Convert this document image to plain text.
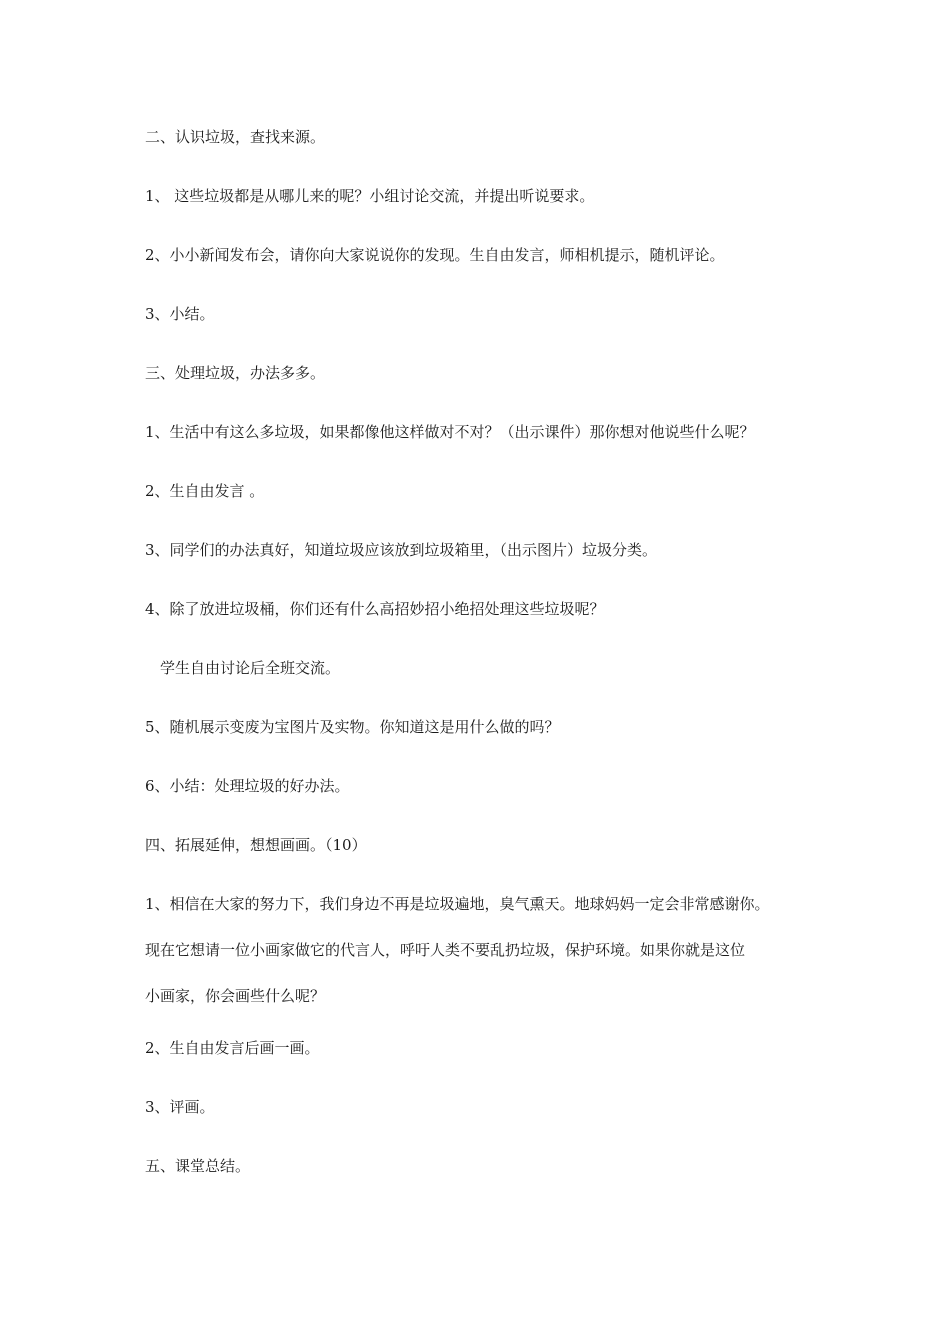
二、认识垃圾，查找来源。

1、 这些垃圾都是从哪儿来的呢？小组讨论交流，并提出听说要求。

2、小小新闻发布会，请你向大家说说你的发现。生自由发言，师相机提示，随机评论。

3、小结。

三、处理垃圾，办法多多。

1、生活中有这么多垃圾，如果都像他这样做对不对？（出示课件）那你想对他说些什么呢？

2、生自由发言 。

3、同学们的办法真好，知道垃圾应该放到垃圾箱里，（出示图片）垃圾分类。

4、除了放进垃圾桶，你们还有什么高招妙招小绝招处理这些垃圾呢？

学生自由讨论后全班交流。

5、随机展示变废为宝图片及实物。你知道这是用什么做的吗？

6、小结：处理垃圾的好办法。

四、拓展延伸，想想画画。（10）

1、相信在大家的努力下，我们身边不再是垃圾遍地，臭气熏天。地球妈妈一定会非常感谢你。
现在它想请一位小画家做它的代言人，呼吁人类不要乱扔垃圾，保护环境。如果你就是这位
小画家，你会画些什么呢？

2、生自由发言后画一画。

3、评画。

五、课堂总结。
